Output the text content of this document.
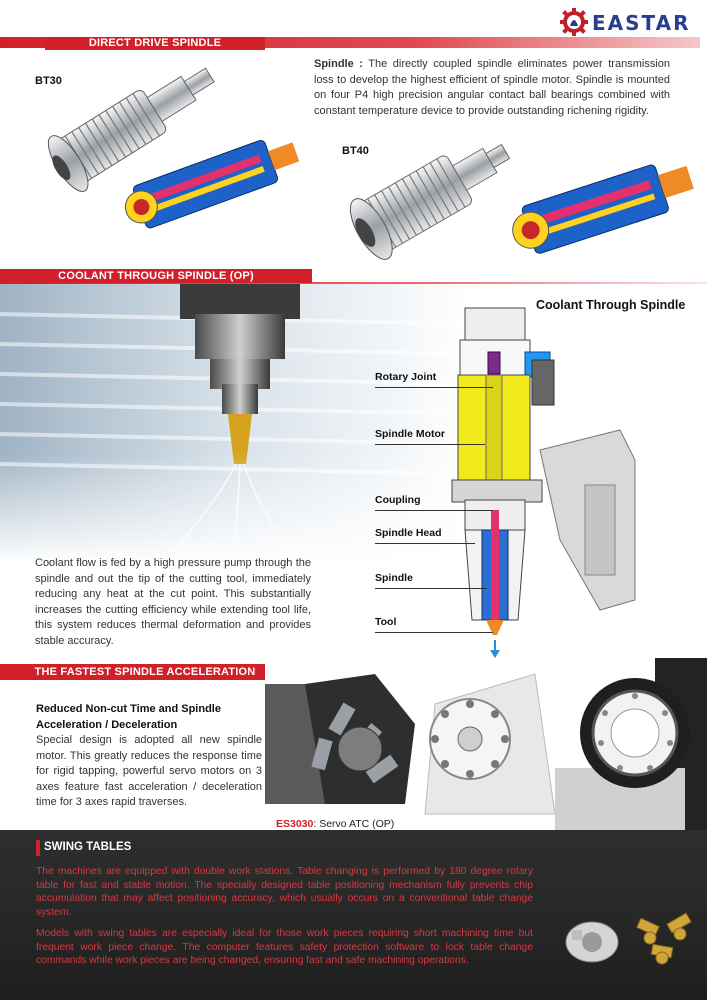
EASTAR
DIRECT DRIVE SPINDLE
BT30
Spindle : The directly coupled spindle eliminates power transmission loss to develop the highest efficient of spindle motor. Spindle is mounted on four P4 high precision angular contact ball bearings combined with constant temperature device to provide outstanding richening rigidity.
BT40
COOLANT THROUGH SPINDLE (OP)
Coolant flow is fed by a high pressure pump through the spindle and out the tip of the cutting tool, immediately reducing any heat at the cut point. This substantially increases the cutting efficiency while extending tool life, this system reduces thermal deformation and provides stable accuracy.
Coolant Through Spindle
Rotary Joint
Spindle Motor
Coupling
Spindle Head
Spindle
Tool
THE FASTEST SPINDLE ACCELERATION
Reduced Non-cut Time and Spindle Acceleration / Deceleration
Special design is adopted all new spindle motor. This greatly reduces the response time for rigid tapping, powerful servo motors on 3 axes feature fast acceleration / deceleration time for 3 axes rapid traverses.
ES3030: Servo ATC (OP)
SWING TABLES
The machines are equipped with double work stations. Table changing is performed by 180 degree rotary table for fast and stable motion. The specially designed table positioning mechanism fully prevents chip accumulation that may affect positioning accuracy, which usually occurs on a conventional table change system.
Models with swing tables are especially ideal for those work pieces requiring short machining time but frequent work piece change. The computer features safety protection software to lock table change commands while work pieces are being changed, ensuring fast and safe machining operations.
